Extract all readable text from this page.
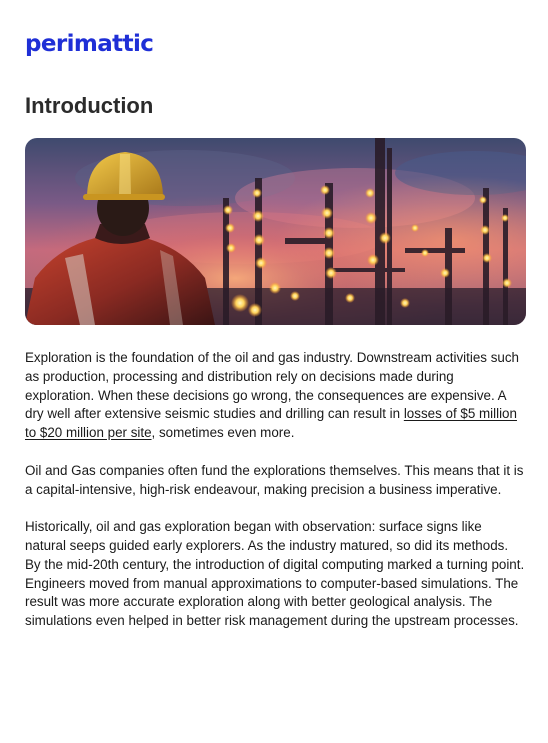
perimattic
Introduction

Exploration is the foundation of the oil and gas industry. Downstream activities such as production, processing and distribution rely on decisions made during exploration. When these decisions go wrong, the consequences are expensive. A dry well after extensive seismic studies and drilling can result in losses of $5 million to $20 million per site, sometimes even more.

Oil and Gas companies often fund the explorations themselves. This means that it is a capital-intensive, high-risk endeavour, making precision a business imperative.

Historically, oil and gas exploration began with observation: surface signs like natural seeps guided early explorers. As the industry matured, so did its methods. By the mid-20th century, the introduction of digital computing marked a turning point. Engineers moved from manual approximations to computer-based simulations. The result was more accurate exploration along with better geological analysis. The simulations even helped in better risk management during the upstream processes.
